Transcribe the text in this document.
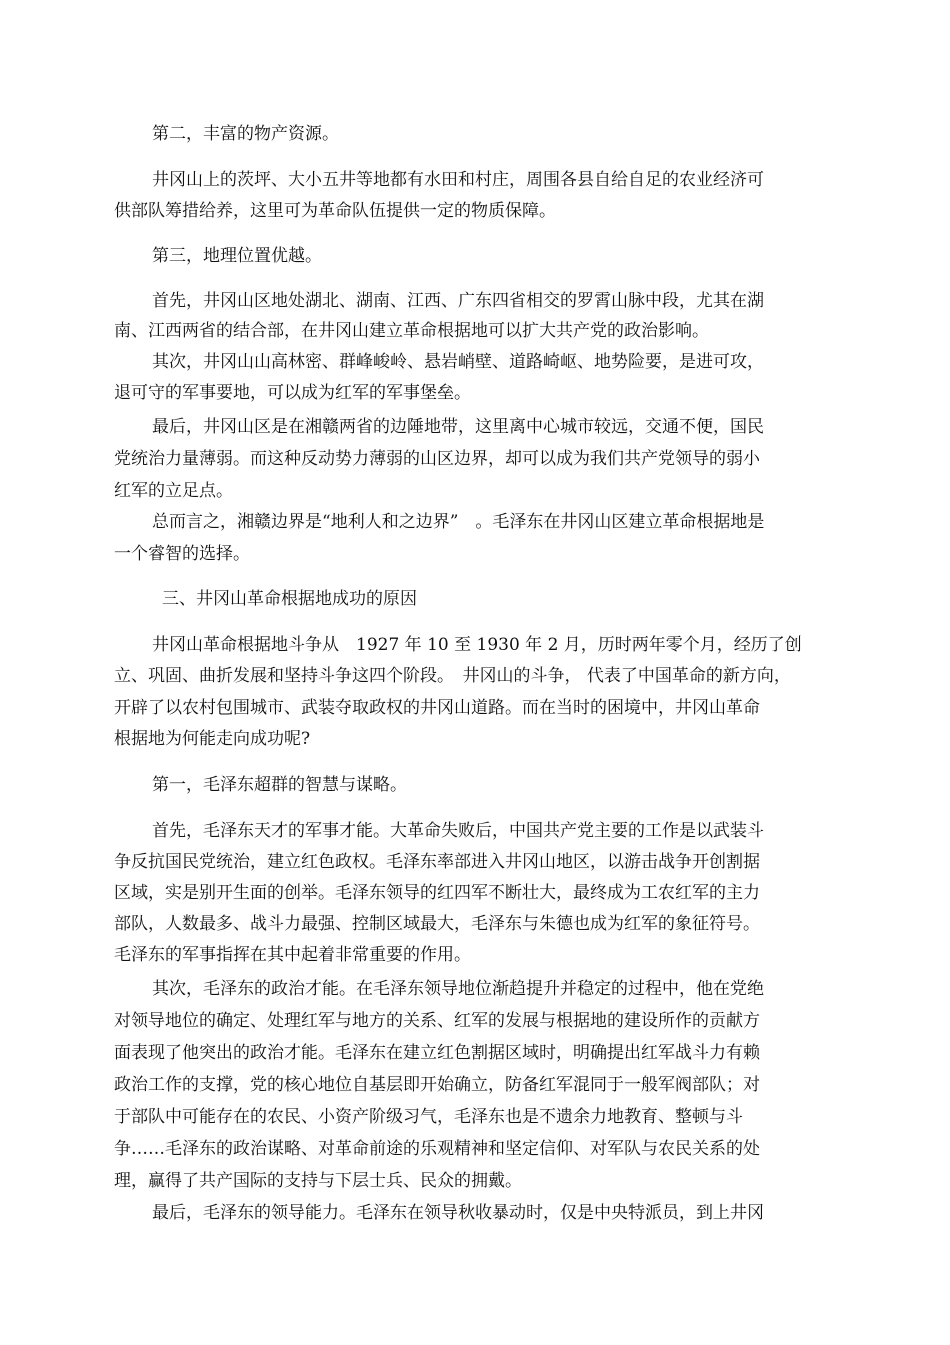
第二，丰富的物产资源。

井冈山上的茨坪、大小五井等地都有水田和村庄，周围各县自给自足的农业经济可

供部队筹措给养，这里可为革命队伍提供一定的物质保障。

第三，地理位置优越。

首先，井冈山区地处湖北、湖南、江西、广东四省相交的罗霄山脉中段，尤其在湖

南、江西两省的结合部，在井冈山建立革命根据地可以扩大共产党的政治影响。

其次，井冈山山高林密、群峰峻岭、悬岩峭壁、道路崎岖、地势险要，是进可攻，

退可守的军事要地，可以成为红军的军事堡垒。

最后，井冈山区是在湘赣两省的边陲地带，这里离中心城市较远，交通不便，国民

党统治力量薄弱。而这种反动势力薄弱的山区边界，却可以成为我们共产党领导的弱小

红军的立足点。

总而言之，湘赣边界是“地利人和之边界”　。毛泽东在井冈山区建立革命根据地是

一个睿智的选择。

三、井冈山革命根据地成功的原因

井冈山革命根据地斗争从　1927 年 10 至 1930 年 2 月，历时两年零个月，经历了创

立、巩固、曲折发展和坚持斗争这四个阶段。　井冈山的斗争， 代表了中国革命的新方向，

开辟了以农村包围城市、武装夺取政权的井冈山道路。而在当时的困境中，井冈山革命

根据地为何能走向成功呢?

第一，毛泽东超群的智慧与谋略。

首先，毛泽东天才的军事才能。大革命失败后，中国共产党主要的工作是以武装斗

争反抗国民党统治，建立红色政权。毛泽东率部进入井冈山地区，以游击战争开创割据

区域，实是别开生面的创举。毛泽东领导的红四军不断壮大，最终成为工农红军的主力

部队，人数最多、战斗力最强、控制区域最大，毛泽东与朱德也成为红军的象征符号。

毛泽东的军事指挥在其中起着非常重要的作用。

其次，毛泽东的政治才能。在毛泽东领导地位渐趋提升并稳定的过程中，他在党绝

对领导地位的确定、处理红军与地方的关系、红军的发展与根据地的建设所作的贡献方

面表现了他突出的政治才能。毛泽东在建立红色割据区域时，明确提出红军战斗力有赖

政治工作的支撑，党的核心地位自基层即开始确立，防备红军混同于一般军阀部队；对

于部队中可能存在的农民、小资产阶级习气，毛泽东也是不遗余力地教育、整顿与斗

争……毛泽东的政治谋略、对革命前途的乐观精神和坚定信仰、对军队与农民关系的处

理，赢得了共产国际的支持与下层士兵、民众的拥戴。

最后，毛泽东的领导能力。毛泽东在领导秋收暴动时，仅是中央特派员，到上井冈
